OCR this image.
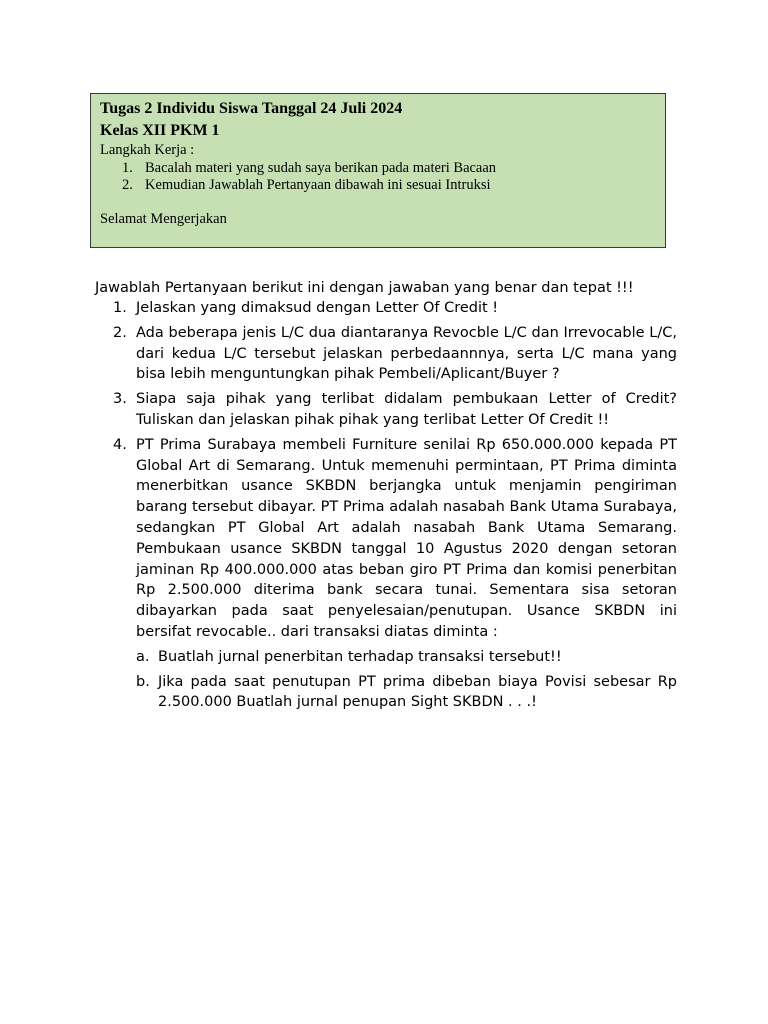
Tugas 2 Individu Siswa Tanggal 24 Juli 2024
Kelas XII PKM 1
Langkah Kerja :
1. Bacalah materi yang sudah saya berikan pada materi Bacaan
2. Kemudian Jawablah Pertanyaan dibawah ini sesuai Intruksi
Selamat Mengerjakan
Jawablah Pertanyaan berikut ini dengan jawaban yang benar dan tepat !!!
1. Jelaskan yang dimaksud dengan Letter Of Credit !
2. Ada beberapa jenis L/C dua diantaranya Revocble L/C dan Irrevocable L/C, dari kedua L/C tersebut jelaskan perbedaannnya, serta L/C mana yang bisa lebih menguntungkan pihak Pembeli/Aplicant/Buyer ?
3. Siapa saja pihak yang terlibat didalam pembukaan Letter of Credit? Tuliskan dan jelaskan pihak pihak yang terlibat Letter Of Credit !!
4. PT Prima Surabaya membeli Furniture senilai Rp 650.000.000 kepada PT Global Art di Semarang. Untuk memenuhi permintaan, PT Prima diminta menerbitkan usance SKBDN berjangka untuk menjamin pengiriman barang tersebut dibayar. PT Prima adalah nasabah Bank Utama Surabaya, sedangkan PT Global Art adalah nasabah Bank Utama Semarang. Pembukaan usance SKBDN tanggal 10 Agustus 2020 dengan setoran jaminan Rp 400.000.000 atas beban giro PT Prima dan komisi penerbitan Rp 2.500.000 diterima bank secara tunai. Sementara sisa setoran dibayarkan pada saat penyelesaian/penutupan. Usance SKBDN ini bersifat revocable.. dari transaksi diatas diminta :
a. Buatlah jurnal penerbitan terhadap transaksi tersebut!!
b. Jika pada saat penutupan PT prima dibeban biaya Povisi sebesar Rp 2.500.000 Buatlah jurnal penupan Sight SKBDN . . .!
